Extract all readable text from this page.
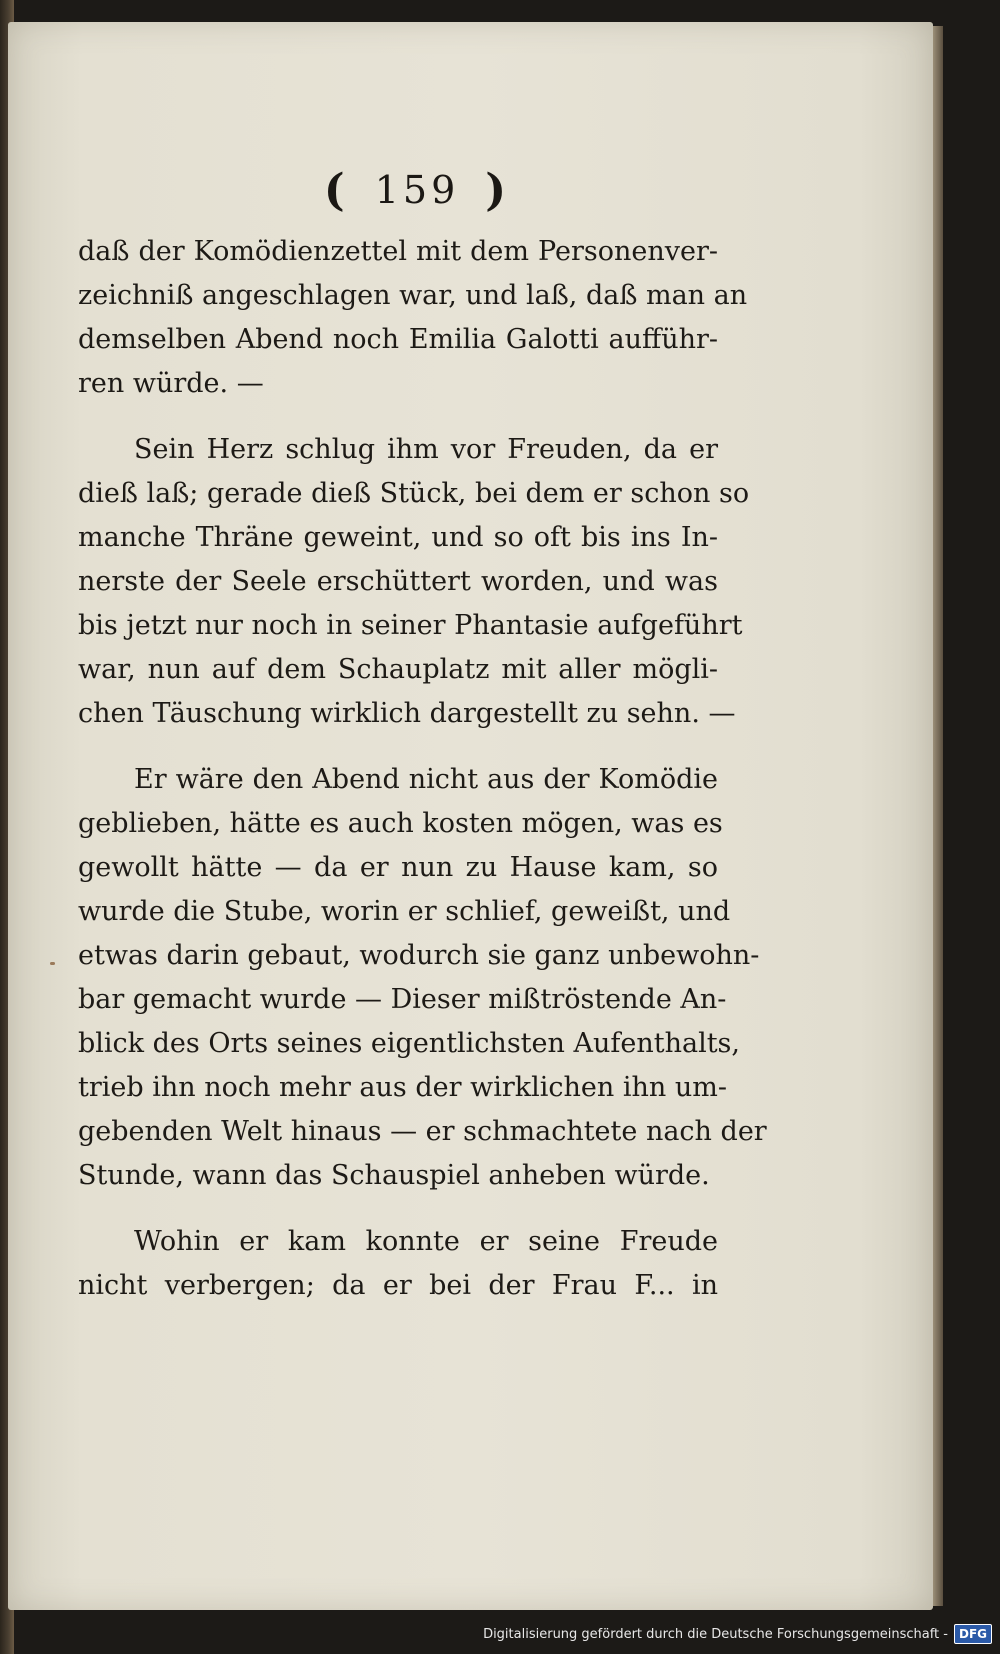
( 159 )
daß der Komödienzettel mit dem Personenver-
zeichniß angeschlagen war, und laß, daß man an
demselben Abend noch Emilia Galotti aufführ-
ren würde. —
Sein Herz schlug ihm vor Freuden, da er
dieß laß; gerade dieß Stück, bei dem er schon so
manche Thräne geweint, und so oft bis ins In-
nerste der Seele erschüttert worden, und was
bis jetzt nur noch in seiner Phantasie aufgeführt
war, nun auf dem Schauplatz mit aller mögli-
chen Täuschung wirklich dargestellt zu sehn. —
Er wäre den Abend nicht aus der Komödie
geblieben, hätte es auch kosten mögen, was es
gewollt hätte — da er nun zu Hause kam, so
wurde die Stube, worin er schlief, geweißt, und
etwas darin gebaut, wodurch sie ganz unbewohn-
bar gemacht wurde — Dieser mißtröstende An-
blick des Orts seines eigentlichsten Aufenthalts,
trieb ihn noch mehr aus der wirklichen ihn um-
gebenden Welt hinaus — er schmachtete nach der
Stunde, wann das Schauspiel anheben würde.
Wohin er kam konnte er seine Freude
nicht verbergen; da er bei der Frau F... in
Digitalisierung gefördert durch die Deutsche Forschungsgemeinschaft - DFG
